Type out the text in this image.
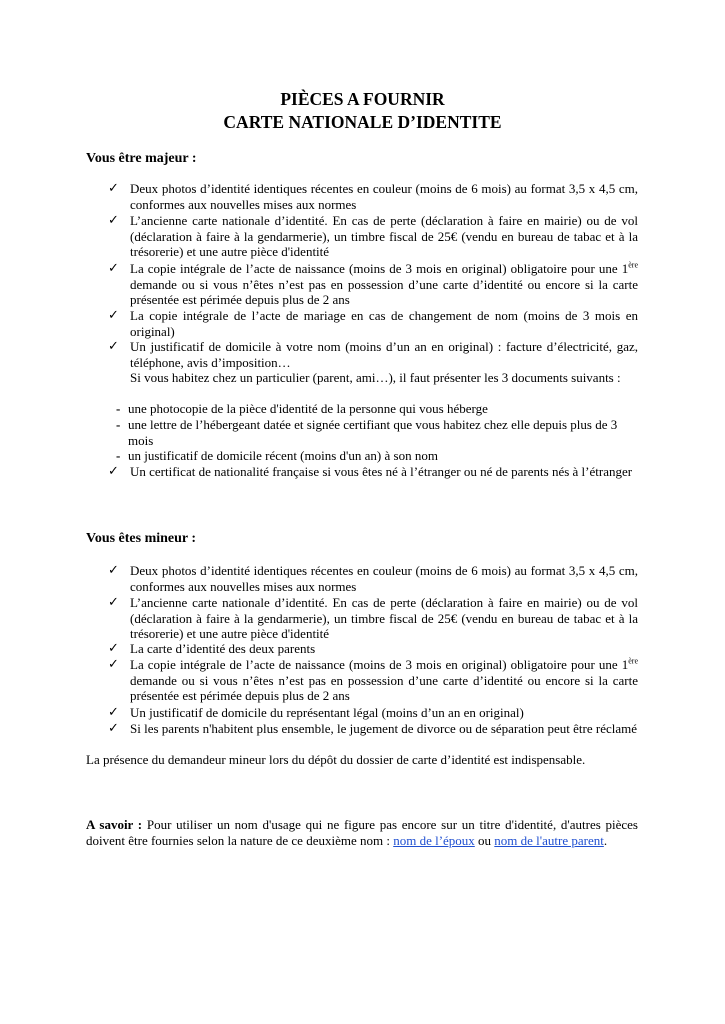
PIÈCES A FOURNIR
CARTE NATIONALE D’IDENTITE
Vous être majeur :
✓ Deux photos d’identité identiques récentes en couleur (moins de 6 mois) au format 3,5 x 4,5 cm, conformes aux nouvelles mises aux normes
✓ L’ancienne carte nationale d’identité. En cas de perte (déclaration à faire en mairie) ou de vol (déclaration à faire à la gendarmerie), un timbre fiscal de 25€ (vendu en bureau de tabac et à la trésorerie) et une autre pièce d'identité
✓ La copie intégrale de l’acte de naissance (moins de 3 mois en original) obligatoire pour une 1ère demande ou si vous n’êtes n’est pas en possession d’une carte d’identité ou encore si la carte présentée est périmée depuis plus de 2 ans
✓ La copie intégrale de l’acte de mariage en cas de changement de nom (moins de 3 mois en original)
✓ Un justificatif de domicile à votre nom (moins d’un an en original) : facture d’électricité, gaz, téléphone, avis d’imposition…
Si vous habitez chez un particulier (parent, ami…), il faut présenter les 3 documents suivants :
- une photocopie de la pièce d'identité de la personne qui vous héberge
- une lettre de l’hébergeant datée et signée certifiant que vous habitez chez elle depuis plus de 3 mois
- un justificatif de domicile récent (moins d'un an) à son nom
✓ Un certificat de nationalité française si vous êtes né à l’étranger ou né de parents nés à l’étranger
Vous êtes mineur :
✓ Deux photos d’identité identiques récentes en couleur (moins de 6 mois) au format 3,5 x 4,5 cm, conformes aux nouvelles mises aux normes
✓ L’ancienne carte nationale d’identité. En cas de perte (déclaration à faire en mairie) ou de vol (déclaration à faire à la gendarmerie), un timbre fiscal de 25€ (vendu en bureau de tabac et à la trésorerie) et une autre pièce d'identité
✓ La carte d’identité des deux parents
✓ La copie intégrale de l’acte de naissance (moins de 3 mois en original) obligatoire pour une 1ère demande ou si vous n’êtes n’est pas en possession d’une carte d’identité ou encore si la carte présentée est périmée depuis plus de 2 ans
✓ Un justificatif de domicile du représentant légal (moins d’un an en original)
✓ Si les parents n'habitent plus ensemble, le jugement de divorce ou de séparation peut être réclamé
La présence du demandeur mineur lors du dépôt du dossier de carte d’identité est indispensable.
A savoir : Pour utiliser un nom d'usage qui ne figure pas encore sur un titre d'identité, d'autres pièces doivent être fournies selon la nature de ce deuxième nom : nom de l’époux ou nom de l'autre parent.
